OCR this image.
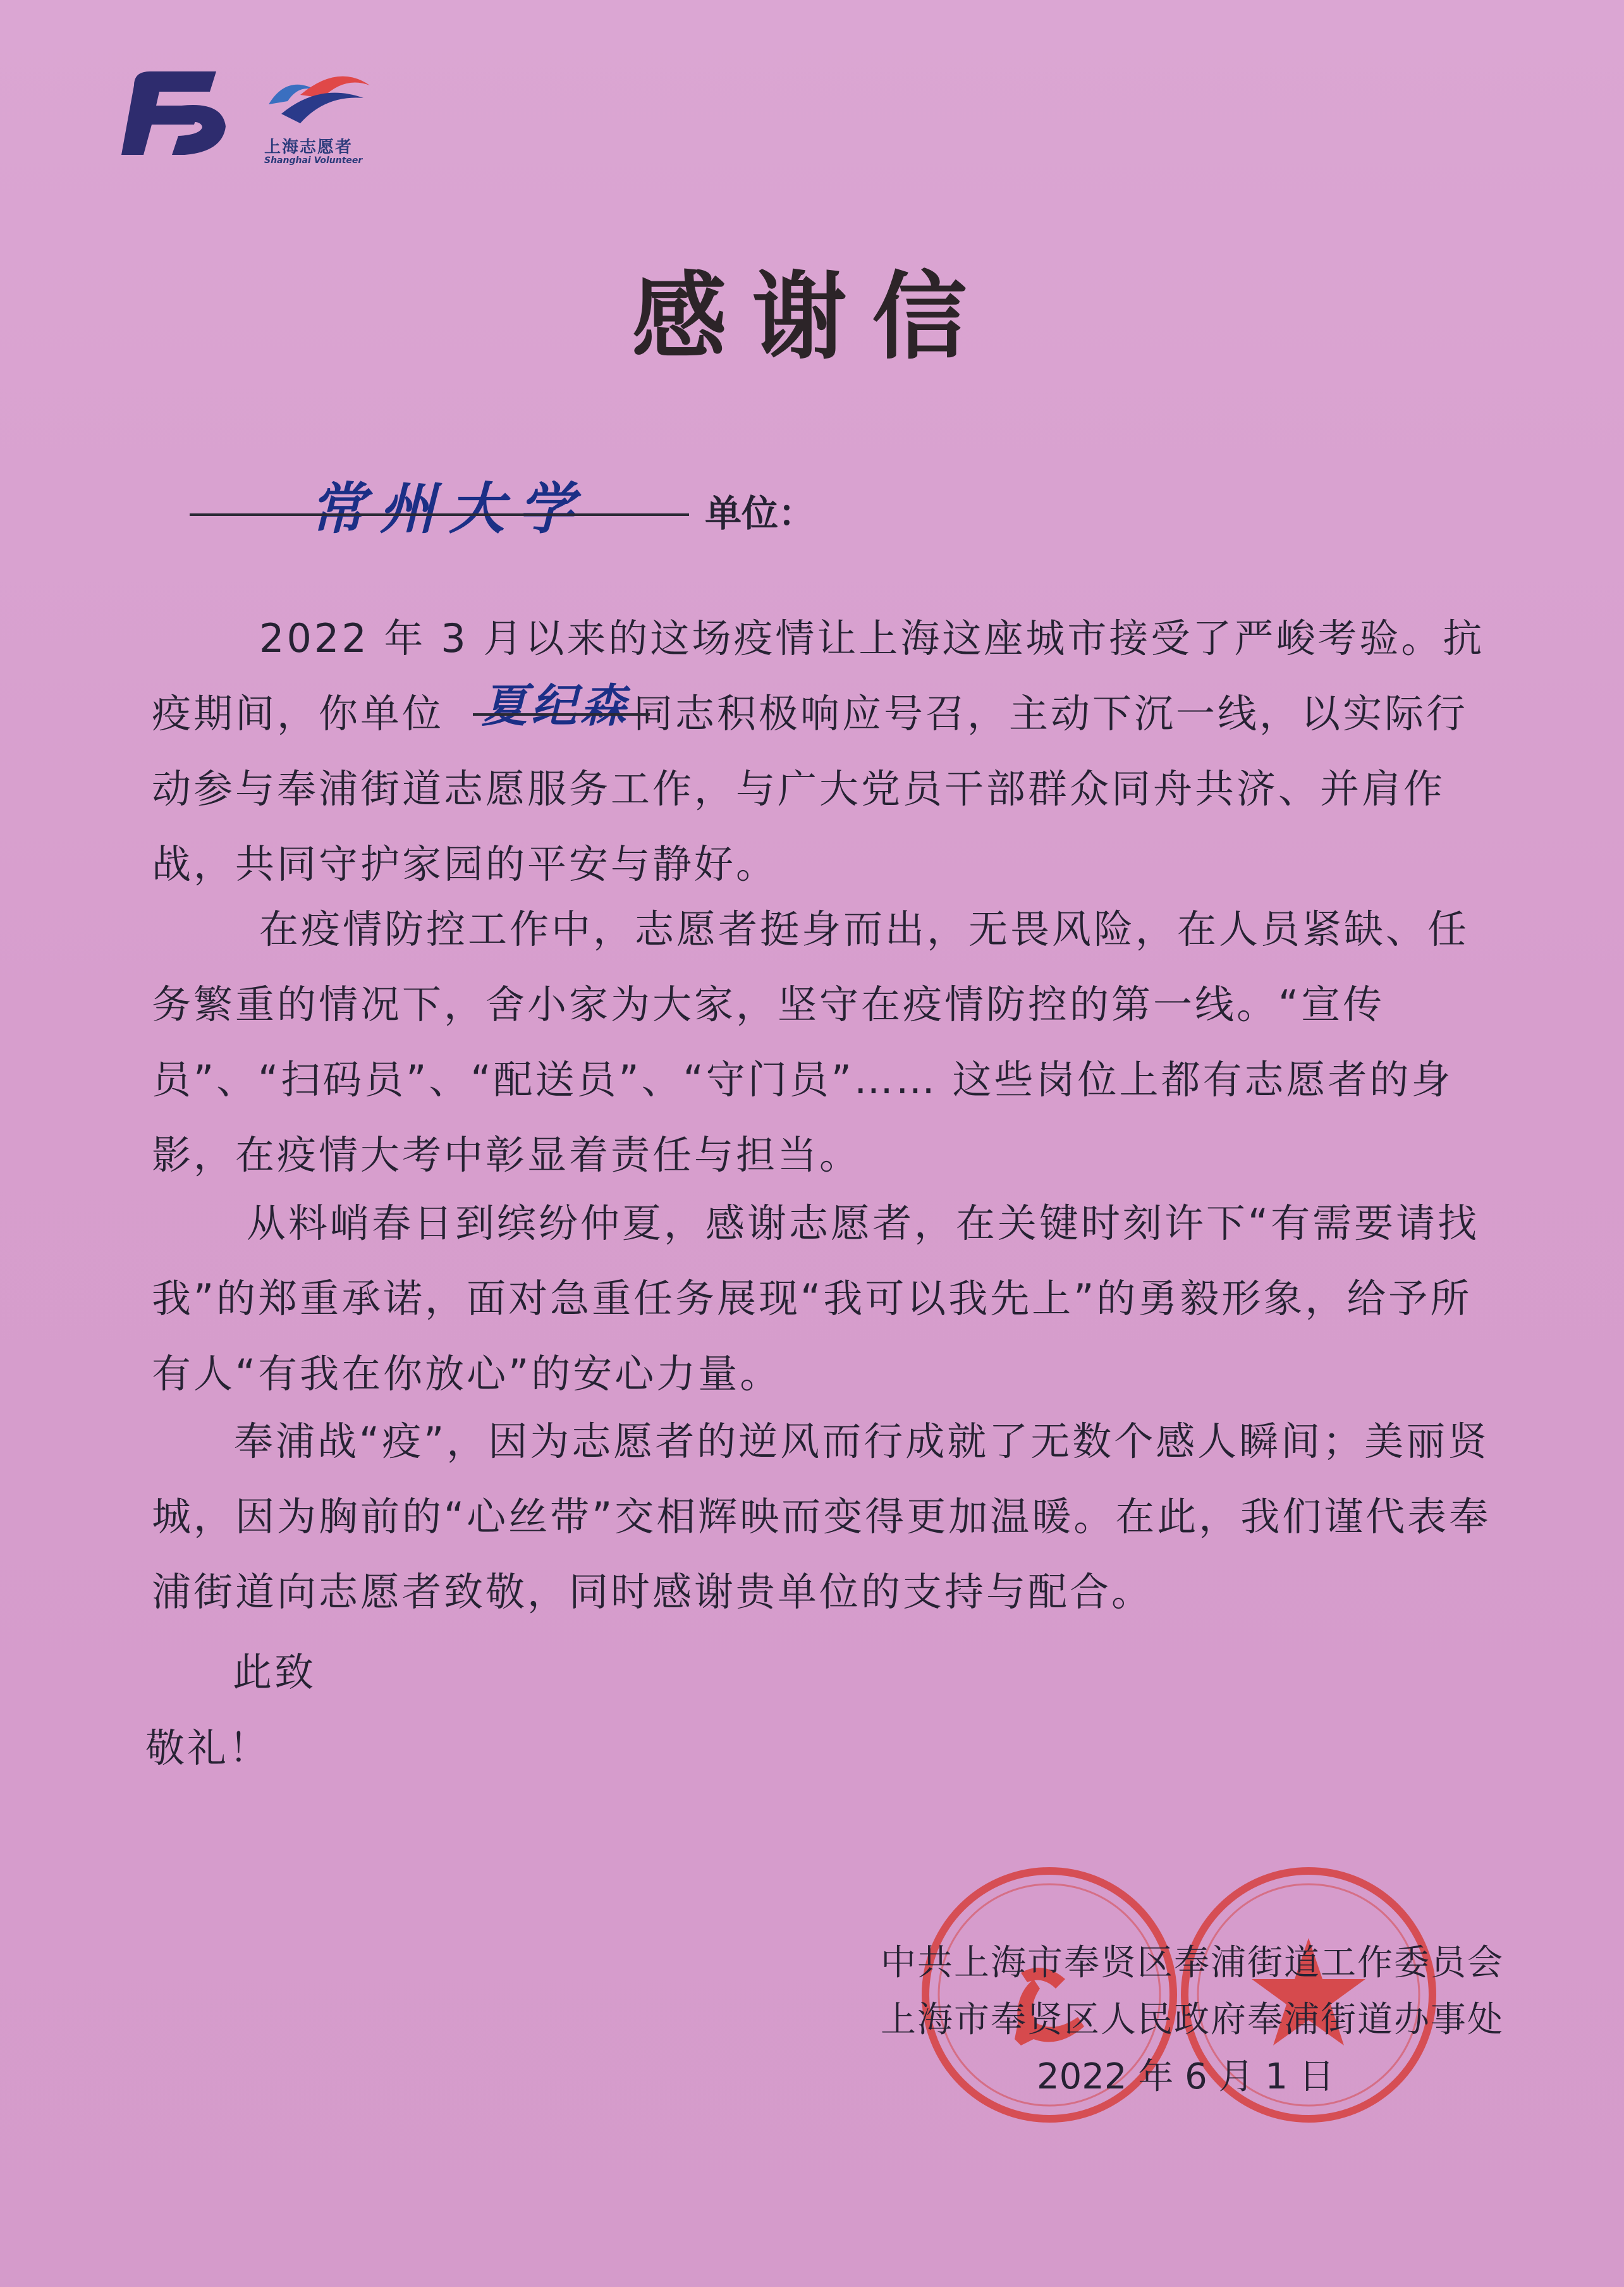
上海志愿者
Shanghai Volunteer
感谢信
常州大学	单位：
2022 年 3 月以来的这场疫情让上海这座城市接受了严峻考验。抗疫期间，你单位	同志积极响应号召，主动下沉一线，以实际行动参与奉浦街道志愿服务工作，与广大党员干部群众同舟共济、并肩作战，共同守护家园的平安与静好。
夏纪森
在疫情防控工作中，志愿者挺身而出，无畏风险，在人员紧缺、任务繁重的情况下，舍小家为大家，坚守在疫情防控的第一线。“宣传员”、“扫码员”、“配送员”、“守门员”…… 这些岗位上都有志愿者的身影，在疫情大考中彰显着责任与担当。
从料峭春日到缤纷仲夏，感谢志愿者，在关键时刻许下“有需要请找我”的郑重承诺，面对急重任务展现“我可以我先上”的勇毅形象，给予所有人“有我在你放心”的安心力量。
奉浦战“疫”，因为志愿者的逆风而行成就了无数个感人瞬间；美丽贤城，因为胸前的“心丝带”交相辉映而变得更加温暖。在此，我们谨代表奉浦街道向志愿者致敬，同时感谢贵单位的支持与配合。
此致
敬礼！
中共上海市奉贤区奉浦街道工作委员会
上海市奉贤区人民政府奉浦街道办事处
2022 年 6 月 1 日
